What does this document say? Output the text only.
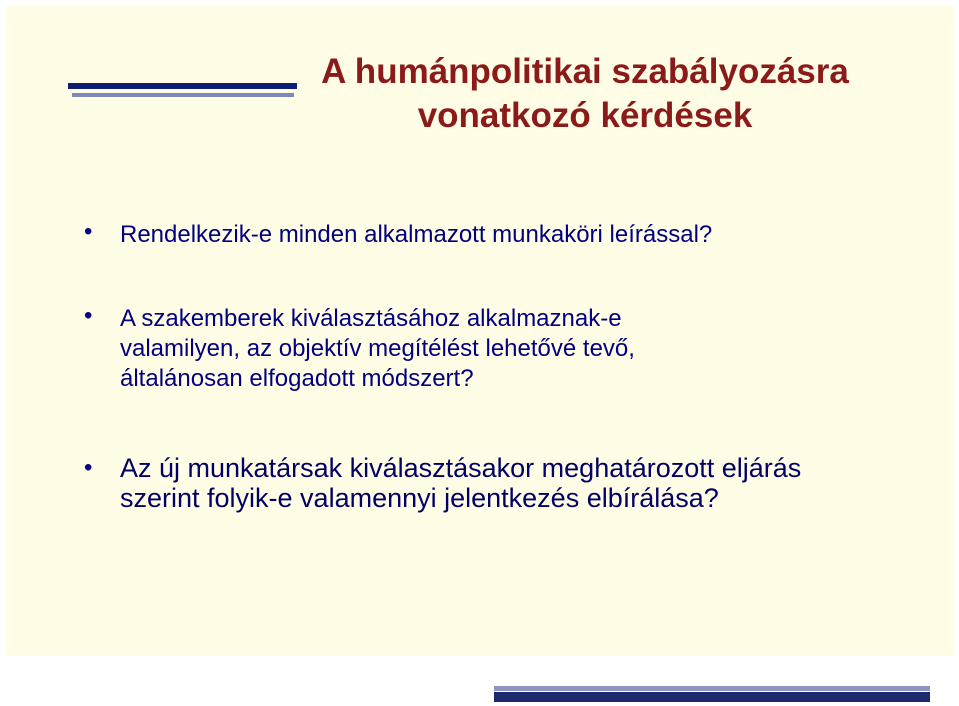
A humánpolitikai szabályozásra
vonatkozó kérdések
• Rendelkezik-e minden alkalmazott munkaköri leírással?
• A szakemberek kiválasztásához alkalmaznak-e
valamilyen, az objektív megítélést lehetővé tevő,
általánosan elfogadott módszert?
• Az új munkatársak kiválasztásakor meghatározott eljárás
szerint folyik-e valamennyi jelentkezés elbírálása?
